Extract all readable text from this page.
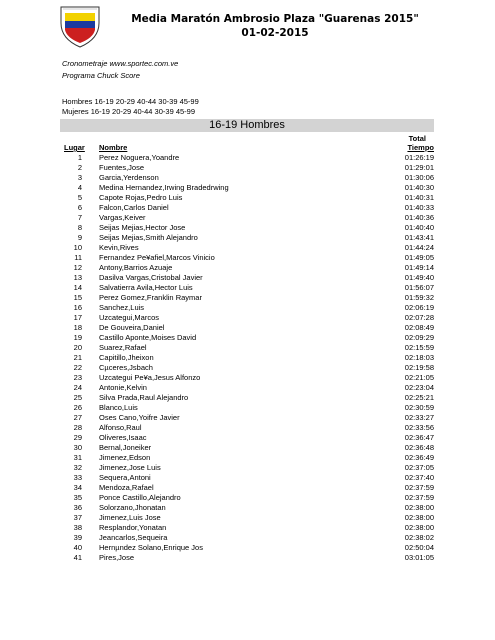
Media Maratón Ambrosio Plaza "Guarenas 2015"
01-02-2015
Cronometraje www.sportec.com.ve
Programa Chuck Score
Hombres 16-19 20-29 40-44 30-39 45-99
Mujeres 16-19 20-29 40-44 30-39 45-99
16-19 Hombres
Total
Lugar Nombre	Tiempo
1 Perez Noguera,Yoandre	01:26:19
2 Fuentes,Jose	01:29:01
3 Garcia,Yerdenson	01:30:06
4 Medina Hernandez,Irwing Bradedrwing	01:40:30
5 Capote Rojas,Pedro Luis	01:40:31
6 Falcon,Carlos Daniel	01:40:33
7 Vargas,Keiver	01:40:36
8 Seijas Mejias,Hector Jose	01:40:40
9 Seijas Mejias,Smith Alejandro	01:43:41
10 Kevin,Rives	01:44:24
11 Fernandez Pe¥afiel,Marcos Vinicio	01:49:05
12 Antony,Barrios Azuaje	01:49:14
13 Dasilva Vargas,Cristobal Javier	01:49:40
14 Salvatierra Avila,Hector Luis	01:56:07
15 Perez Gomez,Franklin Raymar	01:59:32
16 Sanchez,Luis	02:06:19
17 Uzcategui,Marcos	02:07:28
18 De Gouveira,Daniel	02:08:49
19 Castillo Aponte,Moises David	02:09:29
20 Suarez,Rafael	02:15:59
21 Capitillo,Jheixon	02:18:03
22 Cµceres,Jsbach	02:19:58
23 Uzcategui Pe¥a,Jesus Alfonzo	02:21:05
24 Antonie,Kelvin	02:23:04
25 Silva Prada,Raul Alejandro	02:25:21
26 Blanco,Luis	02:30:59
27 Oses Cano,Yoifre Javier	02:33:27
28 Alfonso,Raul	02:33:56
29 Oliveres,Isaac	02:36:47
30 Bernal,Joneiker	02:36:48
31 Jimenez,Edson	02:36:49
32 Jimenez,Jose Luis	02:37:05
33 Sequera,Antoni	02:37:40
34 Mendoza,Rafael	02:37:59
35 Ponce Castillo,Alejandro	02:37:59
36 Solorzano,Jhonatan	02:38:00
37 Jimenez,Luis Jose	02:38:00
38 Resplandor,Yonatan	02:38:00
39 Jeancarlos,Sequeira	02:38:02
40 Hernµndez Solano,Enrique Jos	02:50:04
41 Pires,Jose	03:01:05
